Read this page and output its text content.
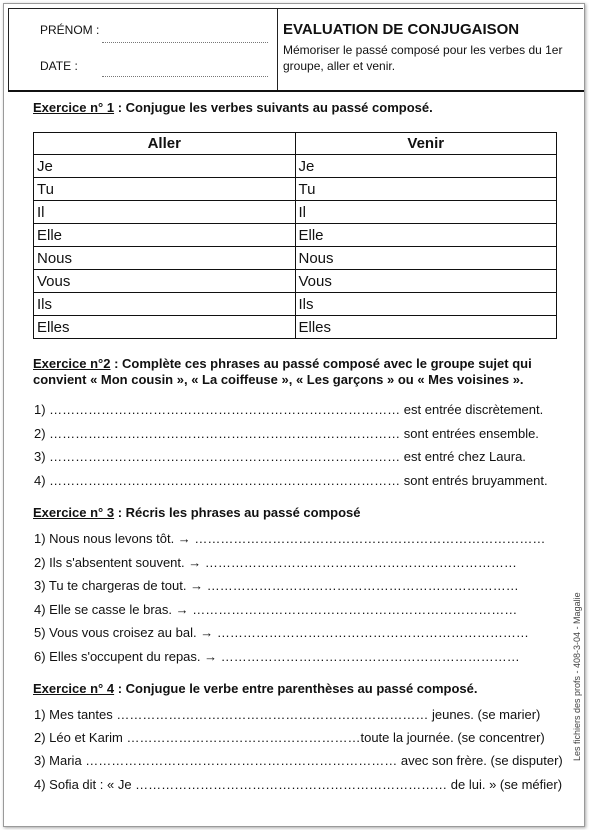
PRÉNOM :
DATE :
EVALUATION DE CONJUGAISON
Mémoriser le passé composé pour les verbes du 1er groupe, aller et venir.
Exercice n° 1 : Conjugue les verbes suivants au passé composé.
Aller	Venir
Je	Je
Tu	Tu
Il	Il
Elle	Elle
Nous	Nous
Vous	Vous
Ils	Ils
Elles	Elles
Exercice n°2 : Complète ces phrases au passé composé avec le groupe sujet qui convient « Mon cousin », « La coiffeuse », « Les garçons » ou « Mes voisines ».
1) ……………………………………………………………………… est entrée discrètement.
2) ……………………………………………………………………… sont entrées ensemble.
3) ……………………………………………………………………… est entré chez Laura.
4) ……………………………………………………………………… sont entrés bruyamment.
Exercice n° 3 : Récris les phrases au passé composé
1) Nous nous levons tôt. → ………………………………………………………………………
2) Ils s'absentent souvent. → ………………………………………………………………
3) Tu te chargeras de tout. → ………………………………………………………………
4) Elle se casse le bras. → …………………………………………………………………
5) Vous vous croisez au bal. → ………………………………………………………………
6) Elles s'occupent du repas. → ……………………………………………………………
Exercice n° 4 : Conjugue le verbe entre parenthèses au passé composé.
1) Mes tantes ……………………………………………………………… jeunes. (se marier)
2) Léo et Karim ………………………………………………toute la journée. (se concentrer)
3) Maria ……………………………………………………………… avec son frère. (se disputer)
4) Sofia dit : « Je ……………………………………………………………… de lui. » (se méfier)
Les fichiers des profs - 408-3-04 - Magalie
